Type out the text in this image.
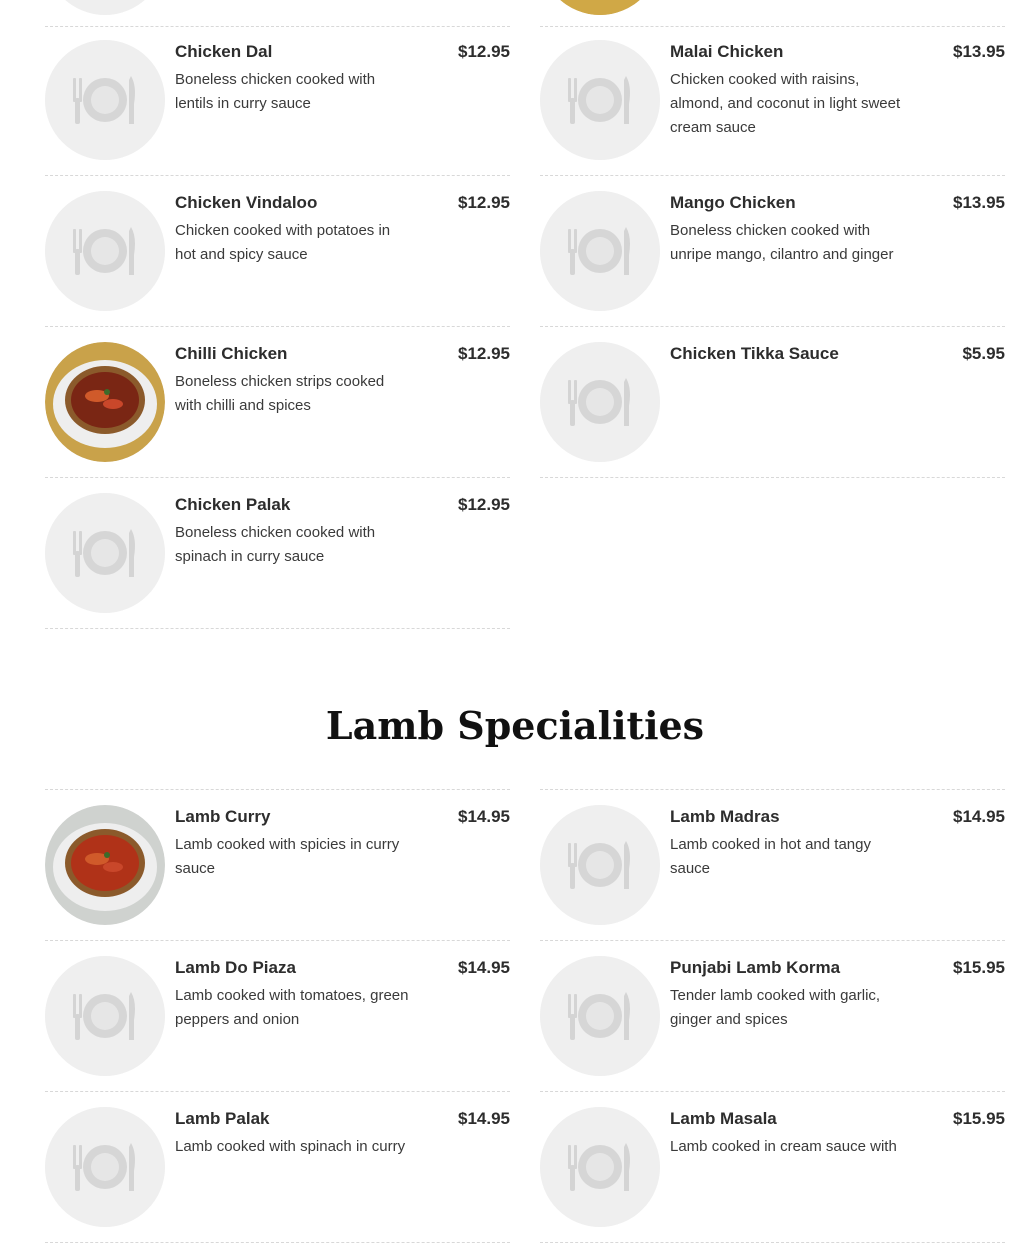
Chicken Dal
Boneless chicken cooked with lentils in curry sauce
$12.95
Chicken Vindaloo
Chicken cooked with potatoes in hot and spicy sauce
$12.95
Chilli Chicken
Boneless chicken strips cooked with chilli and spices
$12.95
Chicken Palak
Boneless chicken cooked with spinach in curry sauce
$12.95
Malai Chicken
Chicken cooked with raisins, almond, and coconut in light sweet cream sauce
$13.95
Mango Chicken
Boneless chicken cooked with unripe mango, cilantro and ginger
$13.95
Chicken Tikka Sauce	$5.95
Lamb Specialities
Lamb Curry
Lamb cooked with spicies in curry sauce
$14.95
Lamb Do Piaza
Lamb cooked with tomatoes, green peppers and onion
$14.95
Lamb Palak
Lamb cooked with spinach in curry
$14.95
Lamb Madras
Lamb cooked in hot and tangy sauce
$14.95
Punjabi Lamb Korma
Tender lamb cooked with garlic, ginger and spices
$15.95
Lamb Masala
Lamb cooked in cream sauce with
$15.95
